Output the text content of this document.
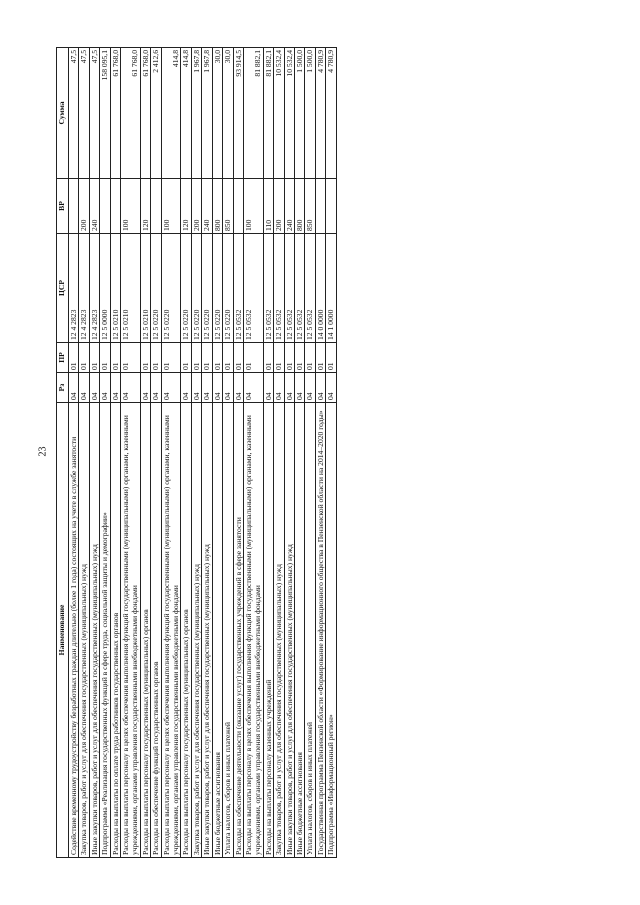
23
Наименование	Рз	ПР	ЦСР	ВР	Сумма
Содействие временному трудоустройству безработных граждан длительно (более 1 года) состоящих на учете в службе занятости	04	01	12 4 2823		47,5
Закупка товаров, работ и услуг для обеспечения государственных (муниципальных) нужд	04	01	12 4 2823	200	47,5
Иные закупки товаров, работ и услуг для обеспечения государственных (муниципальных) нужд	04	01	12 4 2823	240	47,5
Подпрограмма «Реализация государственных функций в сфере труда, социальной защиты и демографии»	04	01	12 5 0000		158 095,1
Расходы на выплаты по оплате труда работников государственных органов	04	01	12 5 0210		61 768,0
Расходы на выплаты персоналу в целях обеспечения выполнения функций государственными (муниципальными) органами, казенными учреждениями, органами управления государственными внебюджетными фондами	04	01	12 5 0210	100	61 768,0
Расходы на выплаты персоналу государственных (муниципальных) органов	04	01	12 5 0210	120	61 768,0
Расходы на обеспечение функций государственных органов	04	01	12 5 0220		2 412,6
Расходы на выплаты персоналу в целях обеспечения выполнения функций государственными (муниципальными) органами, казенными учреждениями, органами управления государственными внебюджетными фондами	04	01	12 5 0220	100	414,8
Расходы на выплаты персоналу государственных (муниципальных) органов	04	01	12 5 0220	120	414,8
Закупка товаров, работ и услуг для обеспечения государственных (муниципальных) нужд	04	01	12 5 0220	200	1 967,8
Иные закупки товаров, работ и услуг для обеспечения государственных (муниципальных) нужд	04	01	12 5 0220	240	1 967,8
Иные бюджетные ассигнования	04	01	12 5 0220	800	30,0
Уплата налогов, сборов и иных платежей	04	01	12 5 0220	850	30,0
Расходы на обеспечение деятельности (оказание услуг) государственных учреждений в сфере занятости	04	01	12 5 0532		93 914,5
Расходы на выплаты персоналу в целях обеспечения выполнения функций государственными (муниципальными) органами, казенными учреждениями, органами управления государственными внебюджетными фондами	04	01	12 5 0532	100	81 882,1
Расходы на выплаты персоналу казенных учреждений	04	01	12 5 0532	110	81 882,1
Закупка товаров, работ и услуг для обеспечения государственных (муниципальных) нужд	04	01	12 5 0532	200	10 532,4
Иные закупки товаров, работ и услуг для обеспечения государственных (муниципальных) нужд	04	01	12 5 0532	240	10 532,4
Иные бюджетные ассигнования	04	01	12 5 0532	800	1 500,0
Уплата налогов, сборов и иных платежей	04	01	12 5 0532	850	1 500,0
Государственная программа Пензенской области «Формирование информационного общества в Пензенской области на 2014–2020 годы»	04	01	14 0 0000		4 780,9
Подпрограмма «Информационный регион»	04	01	14 1 0000		4 780,9
